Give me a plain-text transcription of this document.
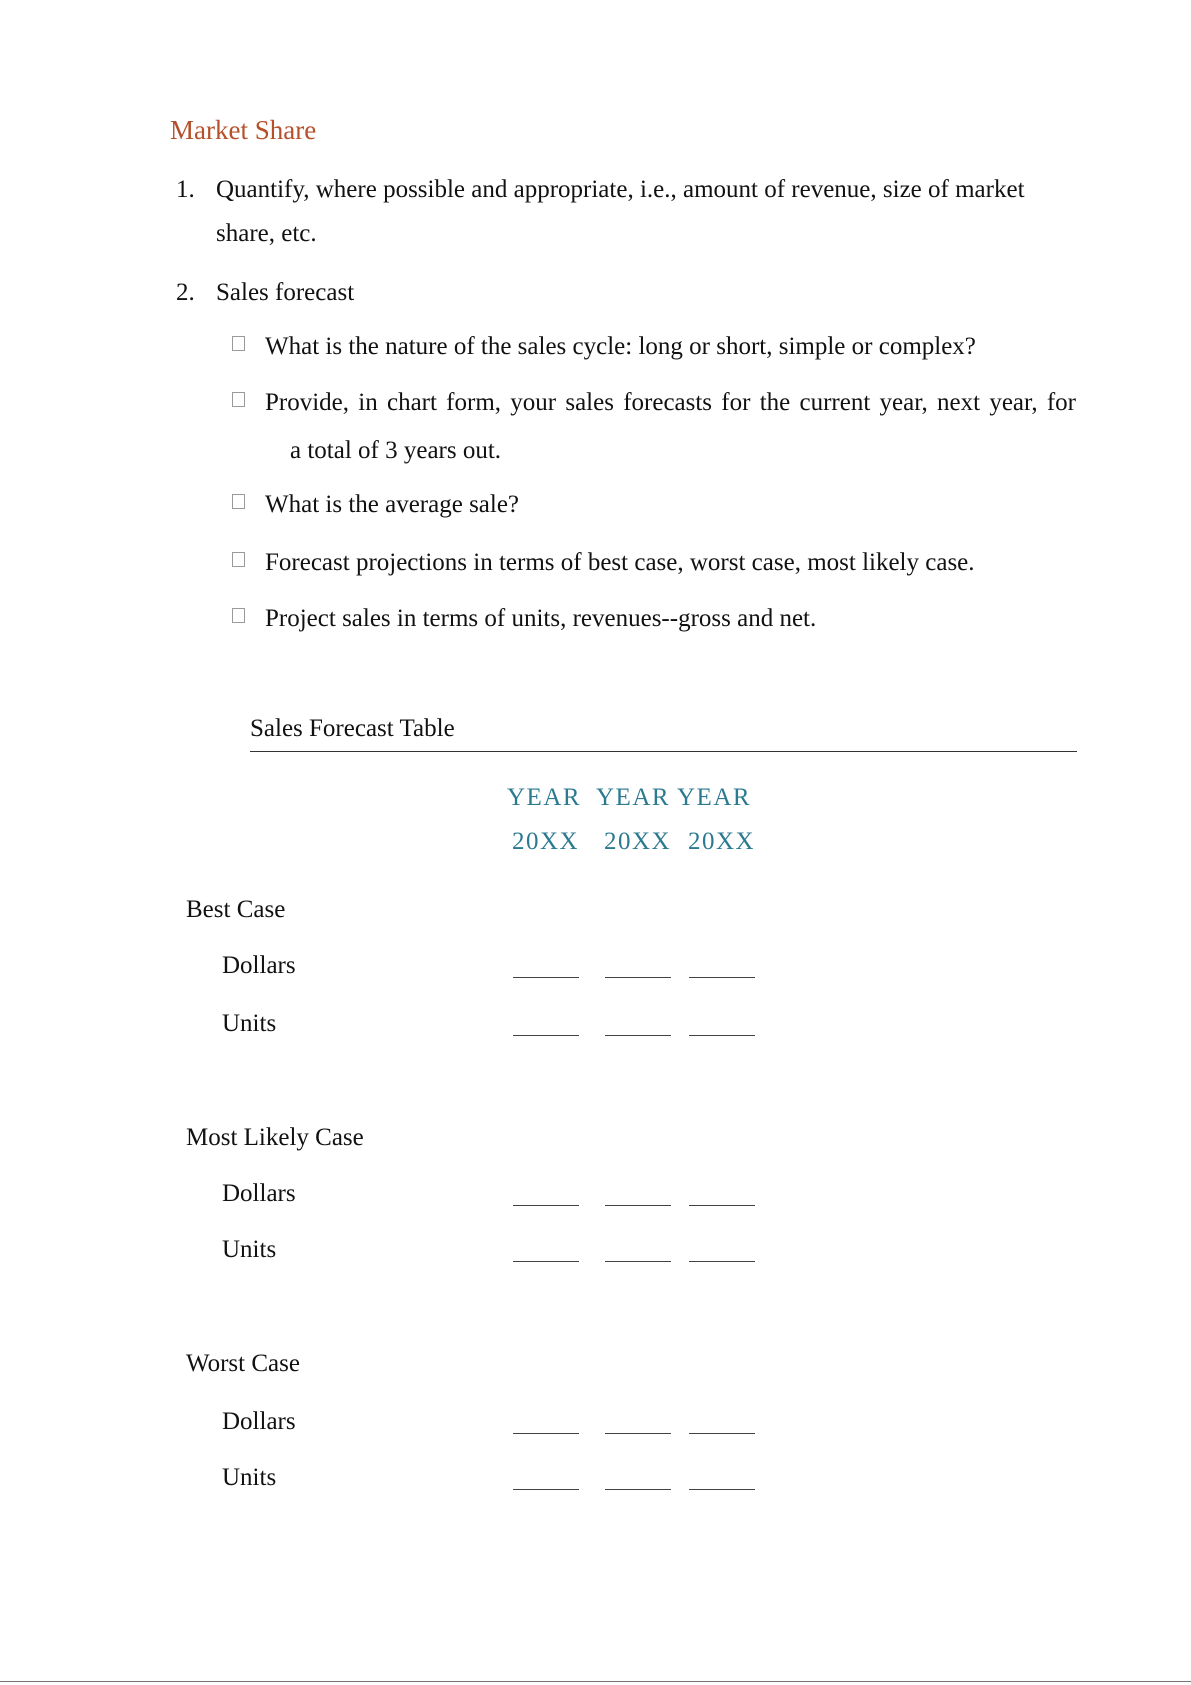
Market Share
1. Quantify, where possible and appropriate, i.e., amount of revenue, size of market
share, etc.
2. Sales forecast
What is the nature of the sales cycle: long or short, simple or complex?
Provide, in chart form, your sales forecasts for the current year, next year, for
a total of 3 years out.
What is the average sale?
Forecast projections in terms of best case, worst case, most likely case.
Project sales in terms of units, revenues--gross and net.
Sales Forecast Table
YEAR YEAR YEAR
20XX 20XX 20XX
Best Case
Dollars
Units
Most Likely Case
Dollars
Units
Worst Case
Dollars
Units
